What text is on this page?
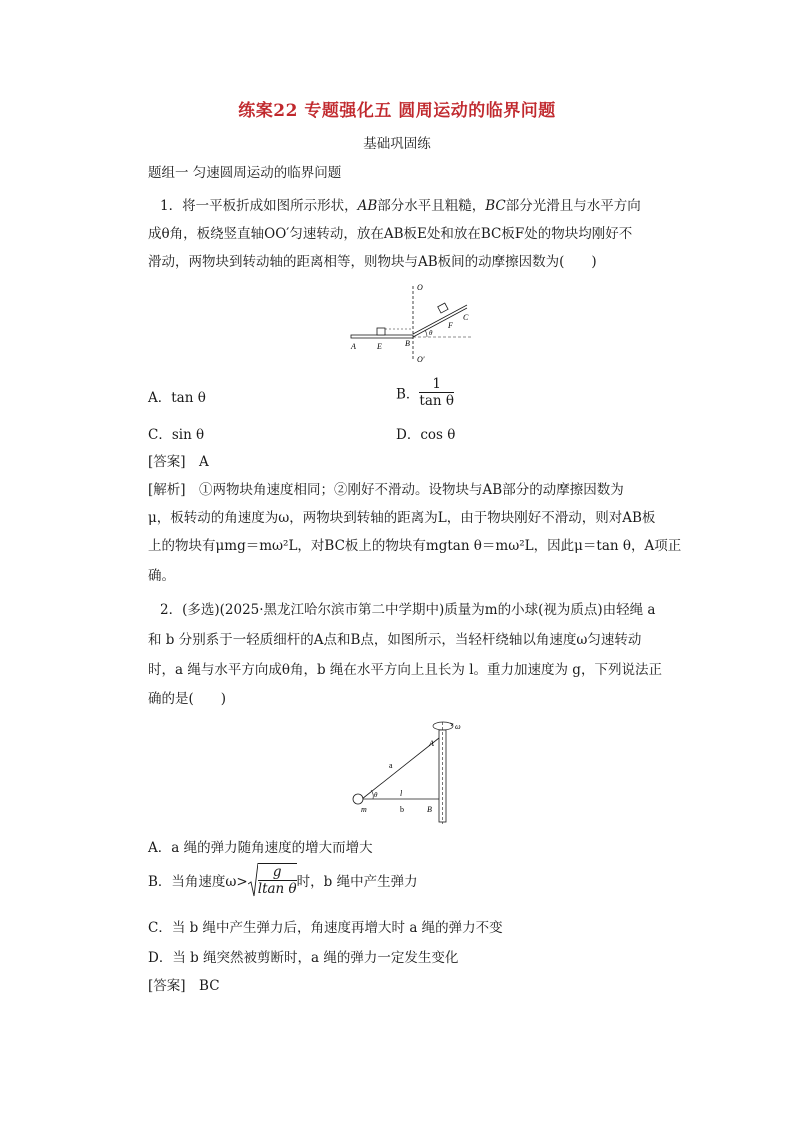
练案22 专题强化五 圆周运动的临界问题
基础巩固练
题组一 匀速圆周运动的临界问题
1．将一平板折成如图所示形状，AB部分水平且粗糙，BC部分光滑且与水平方向
成θ角，板绕竖直轴OO′匀速转动，放在AB板E处和放在BC板F处的物块均刚好不
滑动，两物块到转动轴的距离相等，则物块与AB板间的动摩擦因数为(　　)
O
O′
A	E	B
C
F
θ
A．tan θ	B． $\frac{1}{\text{tan θ}}$
C．sin θ	D．cos θ
[答案]　A
[解析]　①两物块角速度相同；②刚好不滑动。设物块与AB部分的动摩擦因数为
μ，板转动的角速度为ω，两物块到转轴的距离为L，由于物块刚好不滑动，则对AB板
上的物块有μmg＝mω²L，对BC板上的物块有mgtan θ＝mω²L，因此μ＝tan θ，A项正
确。
2．(多选)(2025·黑龙江哈尔滨市第二中学期中)质量为m的小球(视为质点)由轻绳 a
和 b 分别系于一轻质细杆的A点和B点，如图所示，当轻杆绕轴以角速度ω匀速转动
时，a 绳与水平方向成θ角，b 绳在水平方向上且长为 l。重力加速度为 g，下列说法正
确的是(　　)
ω
A
a
θ	l
m	b	B
A．a 绳的弹力随角速度的增大而增大
B．当角速度$\omega> \frac{g}{\text{ltan θ}}$ 时，b 绳中产生弹力
C．当 b 绳中产生弹力后，角速度再增大时 a 绳的弹力不变
D．当 b 绳突然被剪断时，a 绳的弹力一定发生变化
[答案]　BC
